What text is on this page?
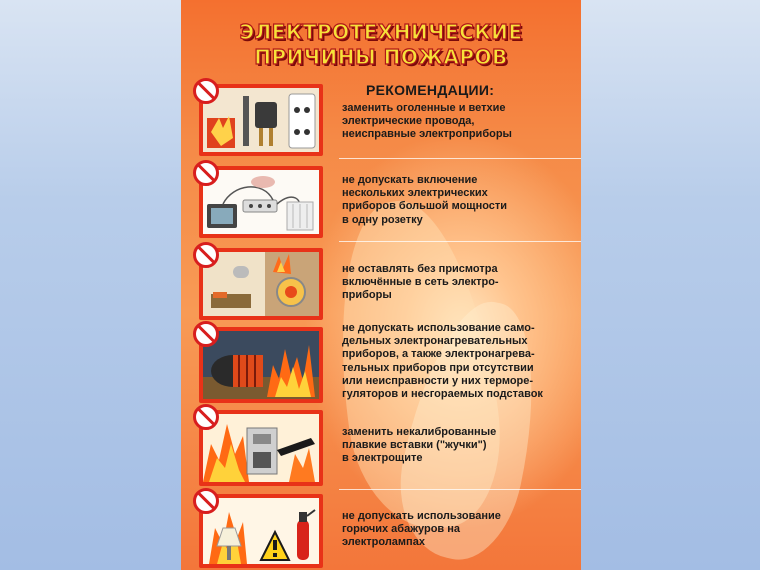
ЭЛЕКТРОТЕХНИЧЕСКИЕ
ПРИЧИНЫ ПОЖАРОВ
РЕКОМЕНДАЦИИ:
заменить оголенные и ветхие
электрические провода,
неисправные электроприборы
не допускать включение
нескольких электрических
приборов большой мощности
в одну розетку
не оставлять без присмотра
включённые в сеть электро-
приборы
не допускать использование само-
дельных электронагревательных
приборов, а также электронагрева-
тельных приборов при отсутствии
или неисправности у них терморе-
гуляторов и несгораемых подставок
заменить некалиброванные
плавкие вставки ("жучки")
в электрощите
не допускать использование
горючих абажуров на
электролампах
